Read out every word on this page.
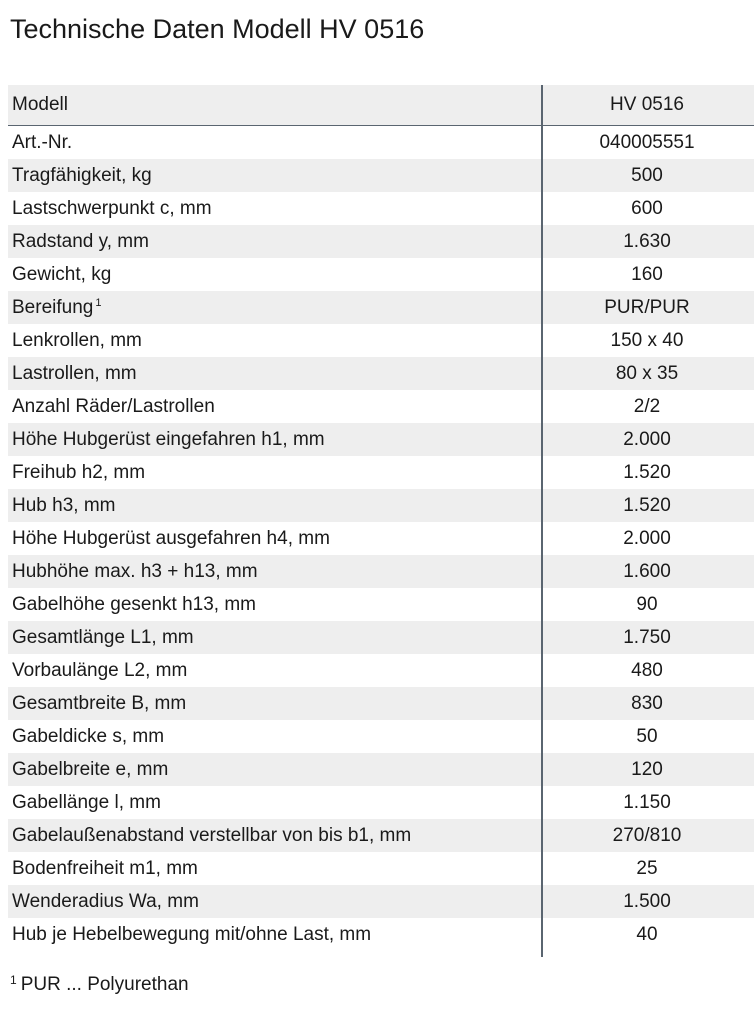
Technische Daten Modell HV 0516
Modell	HV 0516
Art.-Nr.	040005551
Tragfähigkeit, kg	500
Lastschwerpunkt c, mm	600
Radstand y, mm	1.630
Gewicht, kg	160
Bereifung $^1$	PUR/PUR
Lenkrollen, mm	150 x 40
Lastrollen, mm	80 x 35
Anzahl Räder/Lastrollen	2/2
Höhe Hubgerüst eingefahren h1, mm	2.000
Freihub h2, mm	1.520
Hub h3, mm	1.520
Höhe Hubgerüst ausgefahren h4, mm	2.000
Hubhöhe max. h3 + h13, mm	1.600
Gabelhöhe gesenkt h13, mm	90
Gesamtlänge L1, mm	1.750
Vorbaulänge L2, mm	480
Gesamtbreite B, mm	830
Gabeldicke s, mm	50
Gabelbreite e, mm	120
Gabellänge l, mm	1.150
Gabelaußenabstand verstellbar von bis b1, mm	270/810
Bodenfreiheit m1, mm	25
Wenderadius Wa, mm	1.500
Hub je Hebelbewegung mit/ohne Last, mm	40
$^1$ PUR ... Polyurethan
